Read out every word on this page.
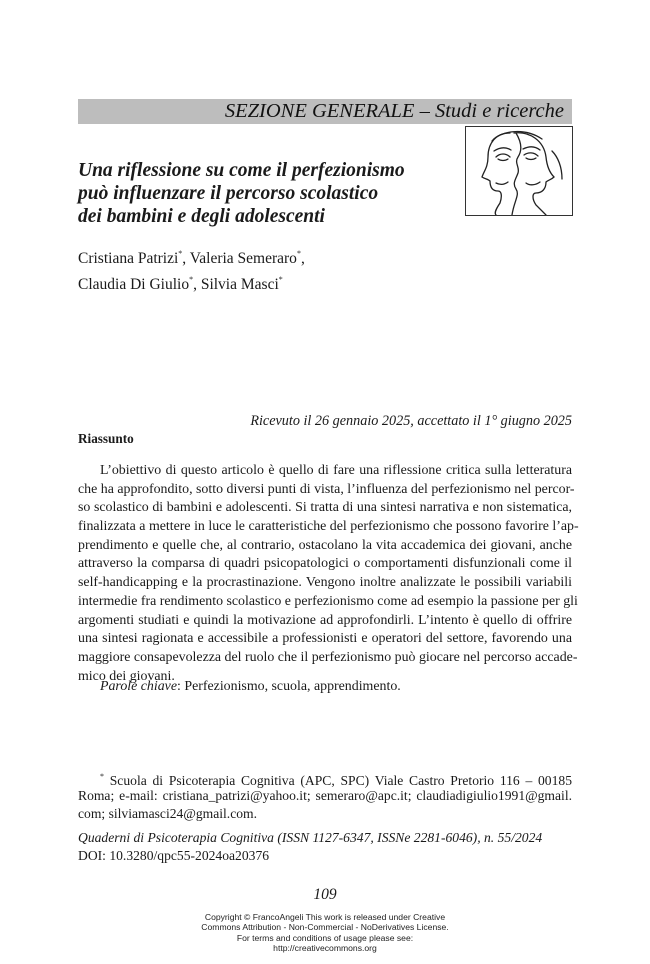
SEZIONE GENERALE – Studi e ricerche
Una riflessione su come il perfezionismo
può influenzare il percorso scolastico
dei bambini e degli adolescenti
Cristiana Patrizi*, Valeria Semeraro*,
Claudia Di Giulio*, Silvia Masci*
Ricevuto il 26 gennaio 2025, accettato il 1° giugno 2025
Riassunto
L’obiettivo di questo articolo è quello di fare una riflessione critica sulla letteratura
che ha approfondito, sotto diversi punti di vista, l’influenza del perfezionismo nel percor-
so scolastico di bambini e adolescenti. Si tratta di una sintesi narrativa e non sistematica,
finalizzata a mettere in luce le caratteristiche del perfezionismo che possono favorire l’ap-
prendimento e quelle che, al contrario, ostacolano la vita accademica dei giovani, anche
attraverso la comparsa di quadri psicopatologici o comportamenti disfunzionali come il
self-handicapping e la procrastinazione. Vengono inoltre analizzate le possibili variabili
intermedie fra rendimento scolastico e perfezionismo come ad esempio la passione per gli
argomenti studiati e quindi la motivazione ad approfondirli. L’intento è quello di offrire
una sintesi ragionata e accessibile a professionisti e operatori del settore, favorendo una
maggiore consapevolezza del ruolo che il perfezionismo può giocare nel percorso accade-
mico dei giovani.
Parole chiave: Perfezionismo, scuola, apprendimento.
* Scuola di Psicoterapia Cognitiva (APC, SPC) Viale Castro Pretorio 116 – 00185
Roma; e-mail: cristiana_patrizi@yahoo.it; semeraro@apc.it; claudiadigiulio1991@gmail.
com; silviamasci24@gmail.com.
Quaderni di Psicoterapia Cognitiva (ISSN 1127-6347, ISSNe 2281-6046), n. 55/2024
DOI: 10.3280/qpc55-2024oa20376
109
Copyright © FrancoAngeli This work is released under Creative
Commons Attribution - Non-Commercial - NoDerivatives License.
For terms and conditions of usage please see:
http://creativecommons.org
